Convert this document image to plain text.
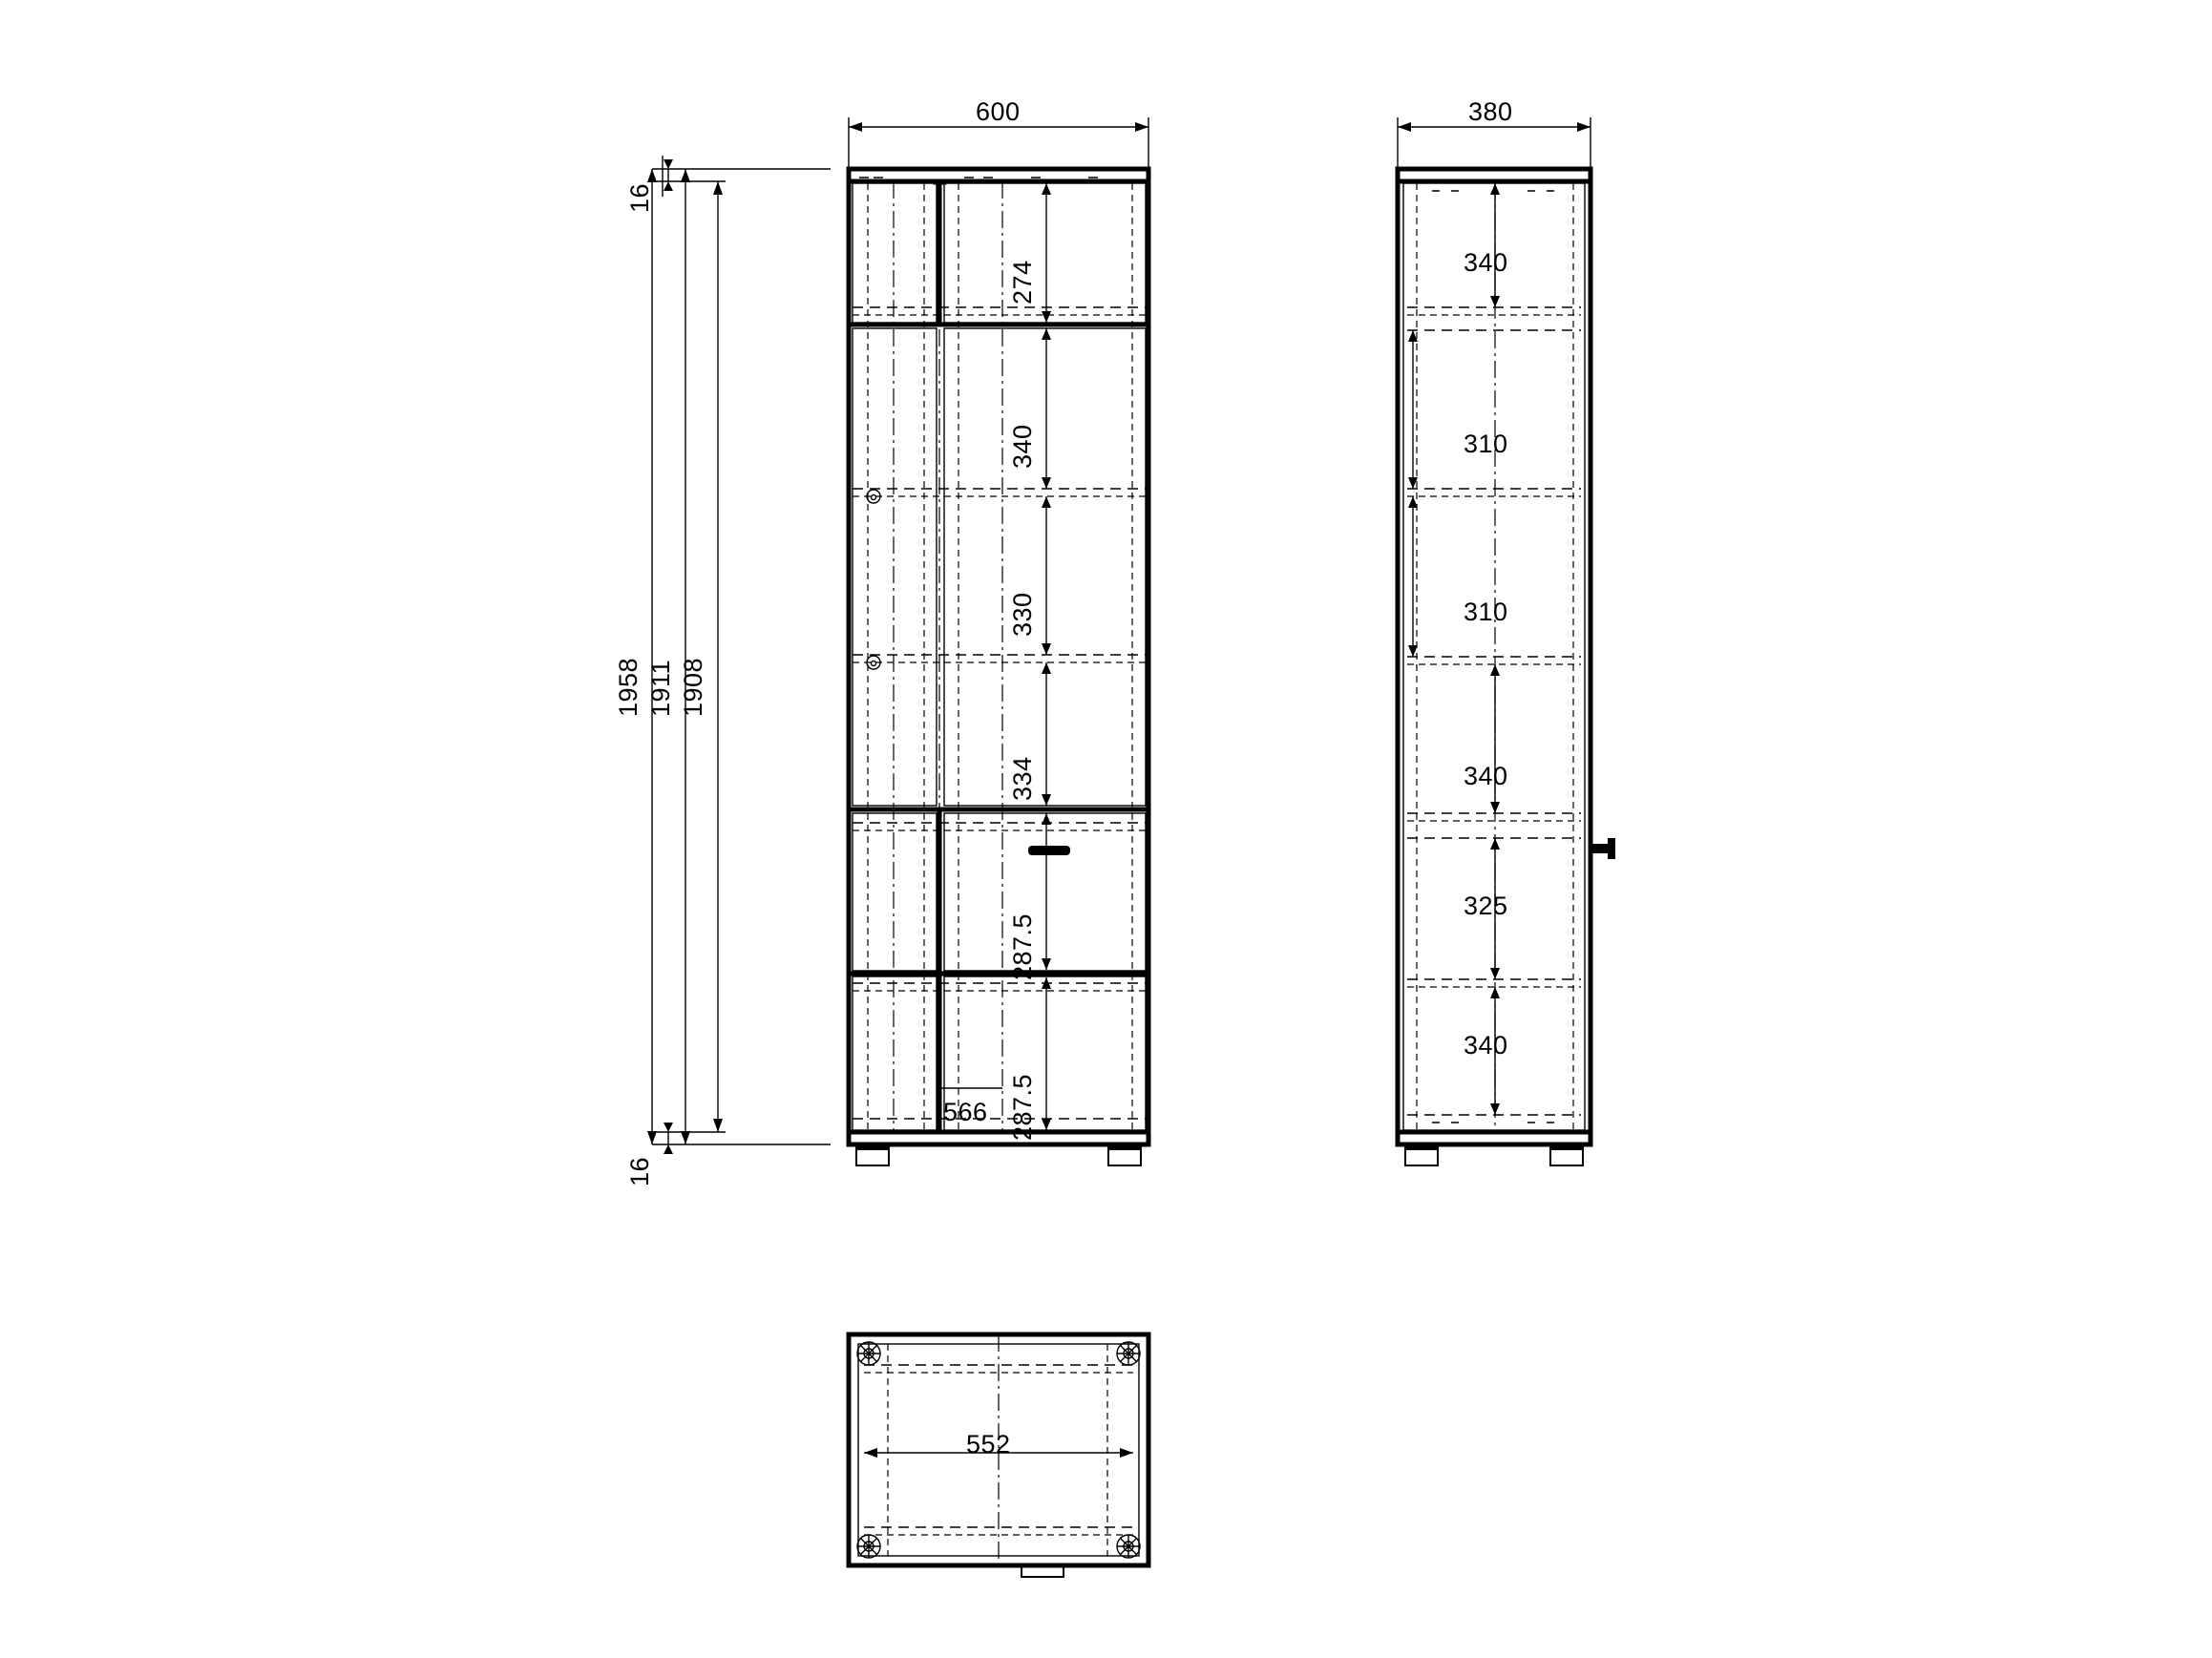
600
16
16
1958 1911 1908
274
340
330
334
287.5
287.5
566
380
340
310
310
340
325
340
552
